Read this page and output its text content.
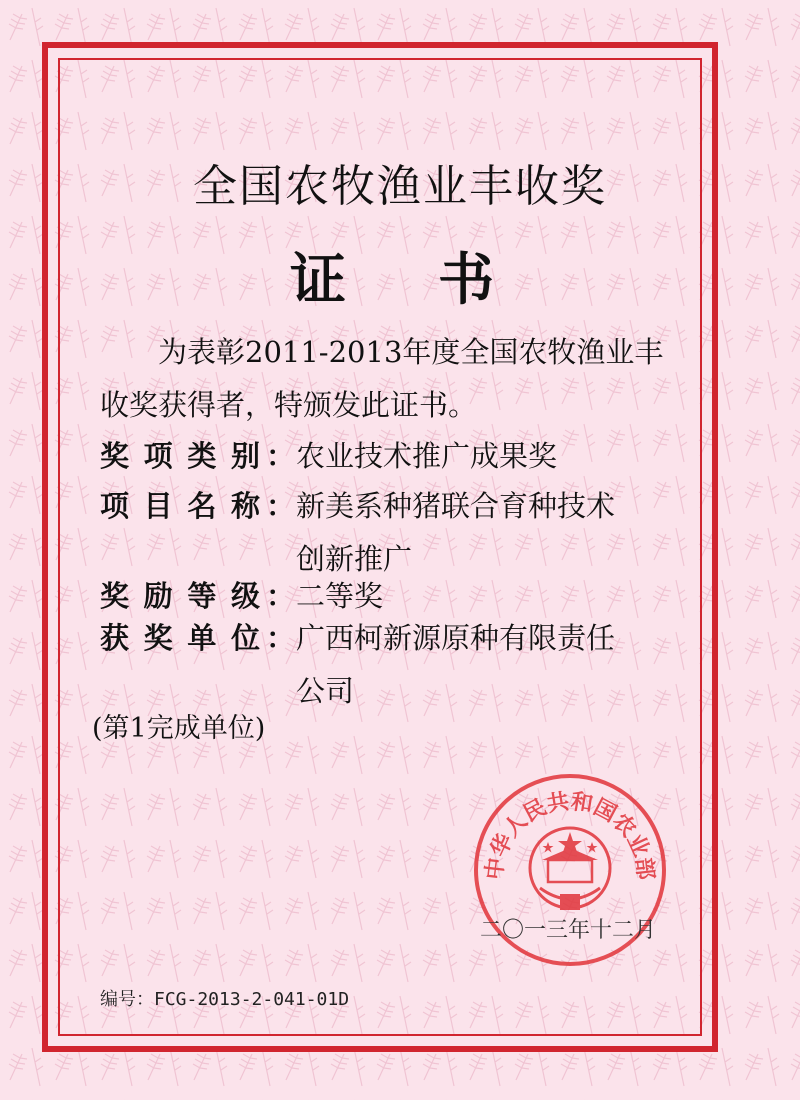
全国农牧渔业丰收奖
证书
为表彰2011-2013年度全国农牧渔业丰收奖获得者，特颁发此证书。
奖项类别 ： 农业技术推广成果奖
项目名称 ： 新美系种猪联合育种技术
创新推广
奖励等级 ： 二等奖
获奖单位 ： 广西柯新源原种有限责任
公司
(第1完成单位)
中华人民共和国农业部
二〇一三年十二月
编号：FCG-2013-2-041-01D
